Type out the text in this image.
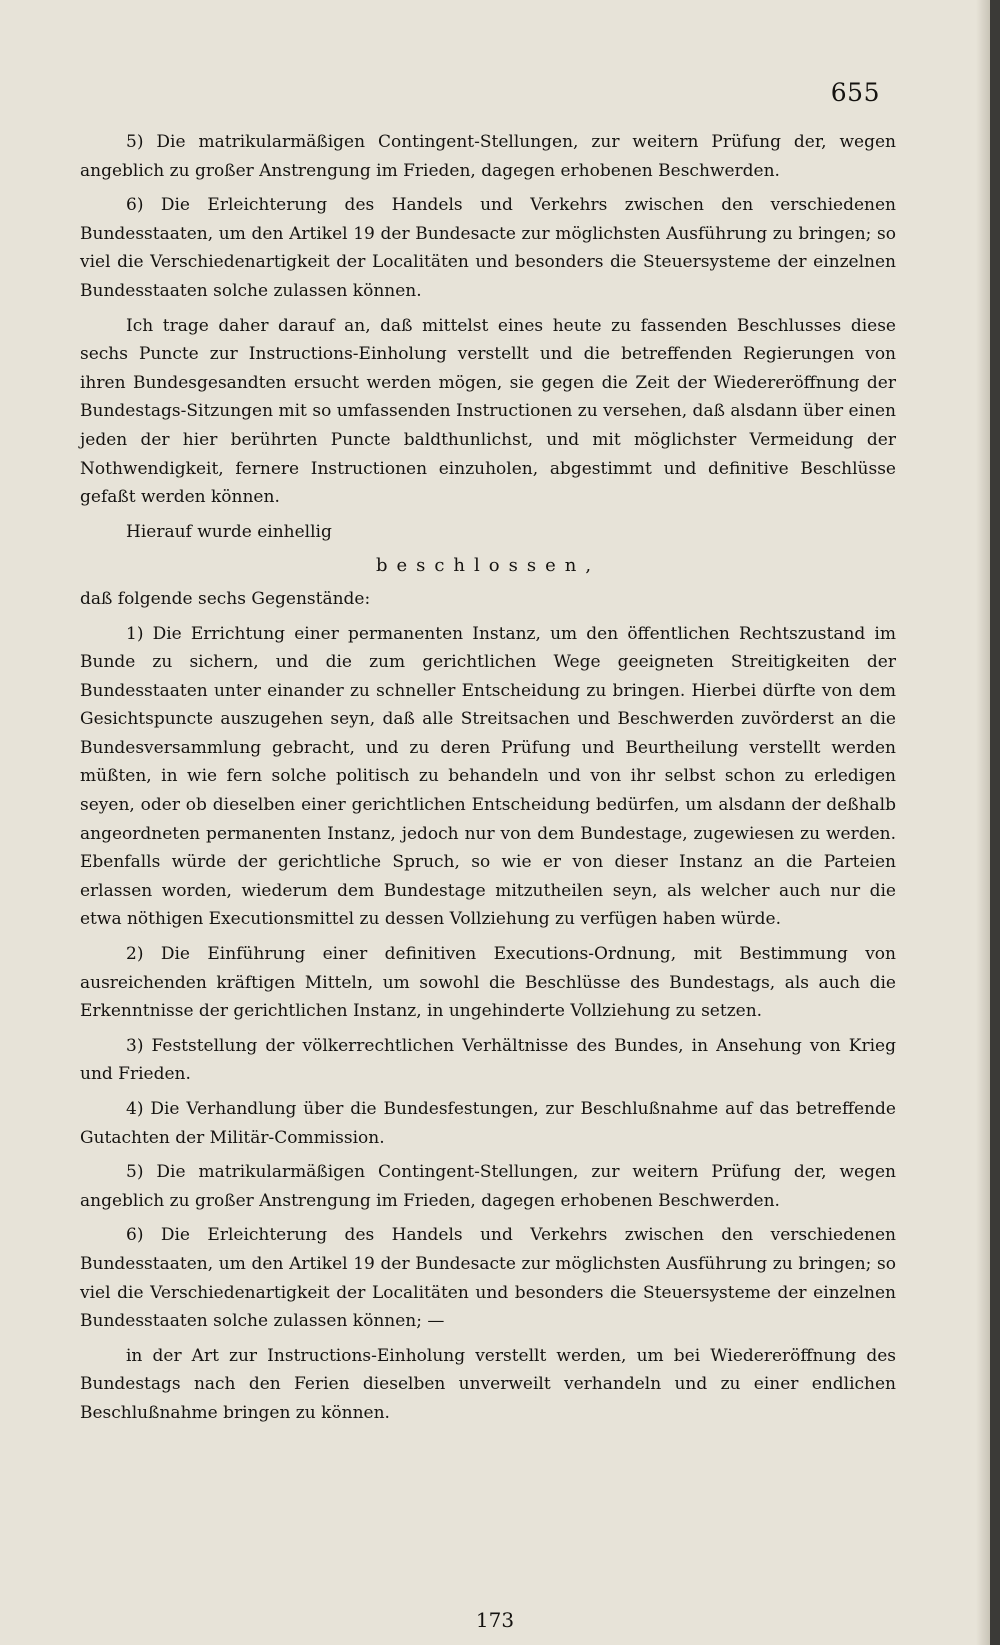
655

5) Die matrikularmäßigen Contingent-Stellungen, zur weitern Prüfung der, wegen angeblich zu großer Anstrengung im Frieden, dagegen erhobenen Beschwerden.

6) Die Erleichterung des Handels und Verkehrs zwischen den verschiedenen Bundesstaaten, um den Artikel 19 der Bundesacte zur möglichsten Ausführung zu bringen; so viel die Verschiedenartigkeit der Localitäten und besonders die Steuersysteme der einzelnen Bundesstaaten solche zulassen können.

Ich trage daher darauf an, daß mittelst eines heute zu fassenden Beschlusses diese sechs Puncte zur Instructions-Einholung verstellt und die betreffenden Regierungen von ihren Bundesgesandten ersucht werden mögen, sie gegen die Zeit der Wiedereröffnung der Bundestags-Sitzungen mit so umfassenden Instructionen zu versehen, daß alsdann über einen jeden der hier berührten Puncte baldthunlichst, und mit möglichster Vermeidung der Nothwendigkeit, fernere Instructionen einzuholen, abgestimmt und definitive Beschlüsse gefaßt werden können.

Hierauf wurde einhellig

beschlossen,

daß folgende sechs Gegenstände:

1) Die Errichtung einer permanenten Instanz, um den öffentlichen Rechtszustand im Bunde zu sichern, und die zum gerichtlichen Wege geeigneten Streitigkeiten der Bundesstaaten unter einander zu schneller Entscheidung zu bringen. Hierbei dürfte von dem Gesichtspuncte auszugehen seyn, daß alle Streitsachen und Beschwerden zuvörderst an die Bundesversammlung gebracht, und zu deren Prüfung und Beurtheilung verstellt werden müßten, in wie fern solche politisch zu behandeln und von ihr selbst schon zu erledigen seyen, oder ob dieselben einer gerichtlichen Entscheidung bedürfen, um alsdann der deßhalb angeordneten permanenten Instanz, jedoch nur von dem Bundestage, zugewiesen zu werden. Ebenfalls würde der gerichtliche Spruch, so wie er von dieser Instanz an die Parteien erlassen worden, wiederum dem Bundestage mitzutheilen seyn, als welcher auch nur die etwa nöthigen Executionsmittel zu dessen Vollziehung zu verfügen haben würde.

2) Die Einführung einer definitiven Executions-Ordnung, mit Bestimmung von ausreichenden kräftigen Mitteln, um sowohl die Beschlüsse des Bundestags, als auch die Erkenntnisse der gerichtlichen Instanz, in ungehinderte Vollziehung zu setzen.

3) Feststellung der völkerrechtlichen Verhältnisse des Bundes, in Ansehung von Krieg und Frieden.

4) Die Verhandlung über die Bundesfestungen, zur Beschlußnahme auf das betreffende Gutachten der Militär-Commission.

5) Die matrikularmäßigen Contingent-Stellungen, zur weitern Prüfung der, wegen angeblich zu großer Anstrengung im Frieden, dagegen erhobenen Beschwerden.

6) Die Erleichterung des Handels und Verkehrs zwischen den verschiedenen Bundesstaaten, um den Artikel 19 der Bundesacte zur möglichsten Ausführung zu bringen; so viel die Verschiedenartigkeit der Localitäten und besonders die Steuersysteme der einzelnen Bundesstaaten solche zulassen können; —

in der Art zur Instructions-Einholung verstellt werden, um bei Wiedereröffnung des Bundestags nach den Ferien dieselben unverweilt verhandeln und zu einer endlichen Beschlußnahme bringen zu können.

173
